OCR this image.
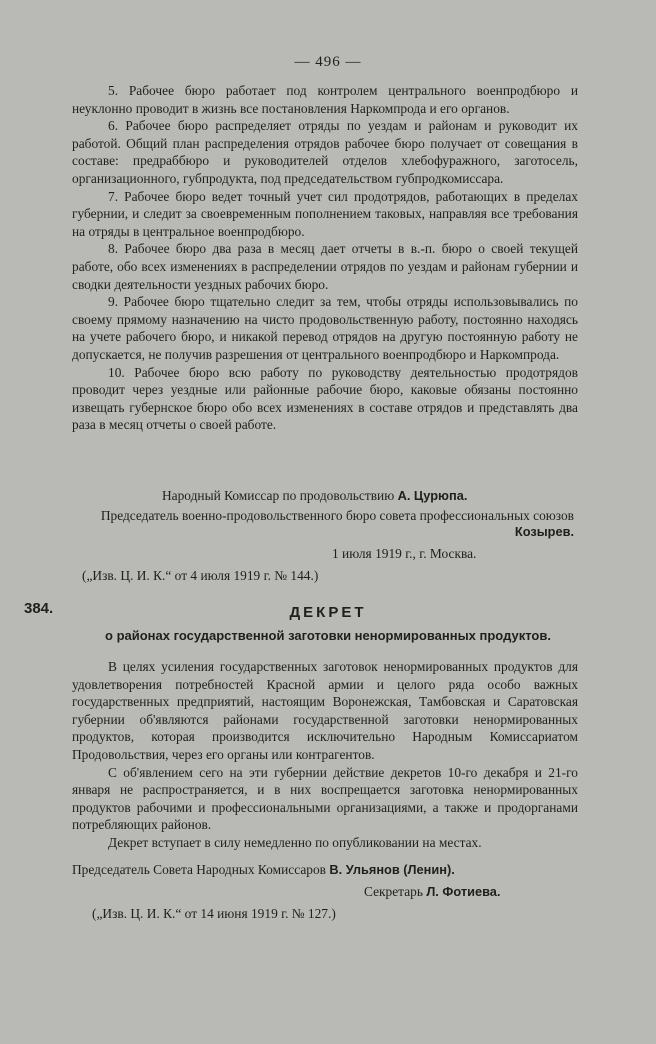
— 496 —

5. Рабочее бюро работает под контролем центрального военпродбюро и неуклонно проводит в жизнь все постановления Наркомпрода и его органов.

6. Рабочее бюро распределяет отряды по уездам и районам и руководит их работой. Общий план распределения отрядов рабочее бюро получает от совещания в составе: предраббюро и руководителей отделов хлебофуражного, заготосель, организационного, губпродукта, под председательством губпродкомиссара.

7. Рабочее бюро ведет точный учет сил продотрядов, работающих в пределах губернии, и следит за своевременным пополнением таковых, направляя все требования на отряды в центральное военпродбюро.

8. Рабочее бюро два раза в месяц дает отчеты в в.-п. бюро о своей текущей работе, обо всех изменениях в распределении отрядов по уездам и районам губернии и сводки деятельности уездных рабочих бюро.

9. Рабочее бюро тщательно следит за тем, чтобы отряды использовывались по своему прямому назначению на чисто продовольственную работу, постоянно находясь на учете рабочего бюро, и никакой перевод отрядов на другую постоянную работу не допускается, не получив разрешения от центрального военпродбюро и Наркомпрода.

10. Рабочее бюро всю работу по руководству деятельностью продотрядов проводит через уездные или районные рабочие бюро, каковые обязаны постоянно извещать губернское бюро обо всех изменениях в составе отрядов и представлять два раза в месяц отчеты о своей работе.

Народный Комиссар по продовольствию А. Цурюпа.
Председатель военно-продовольственного бюро совета профессиональных союзов Козырев.
1 июля 1919 г., г. Москва.
(„Изв. Ц. И. К.“ от 4 июля 1919 г. № 144.)
384.	ДЕКРЕТ
о районах государственной заготовки ненормированных продуктов.

В целях усиления государственных заготовок ненормированных продуктов для удовлетворения потребностей Красной армии и целого ряда особо важных государственных предприятий, настоящим Воронежская, Тамбовская и Саратовская губернии об'являются районами государственной заготовки ненормированных продуктов, которая производится исключительно Народным Комиссариатом Продовольствия, через его органы или контрагентов.

С об'явлением сего на эти губернии действие декретов 10-го декабря и 21-го января не распространяется, и в них воспрещается заготовка ненормированных продуктов рабочими и профессиональными организациями, а также и продорганами потребляющих районов.

Декрет вступает в силу немедленно по опубликовании на местах.

Председатель Совета Народных Комиссаров В. Ульянов (Ленин).
Секретарь Л. Фотиева.
(„Изв. Ц. И. К.“ от 14 июня 1919 г. № 127.)
